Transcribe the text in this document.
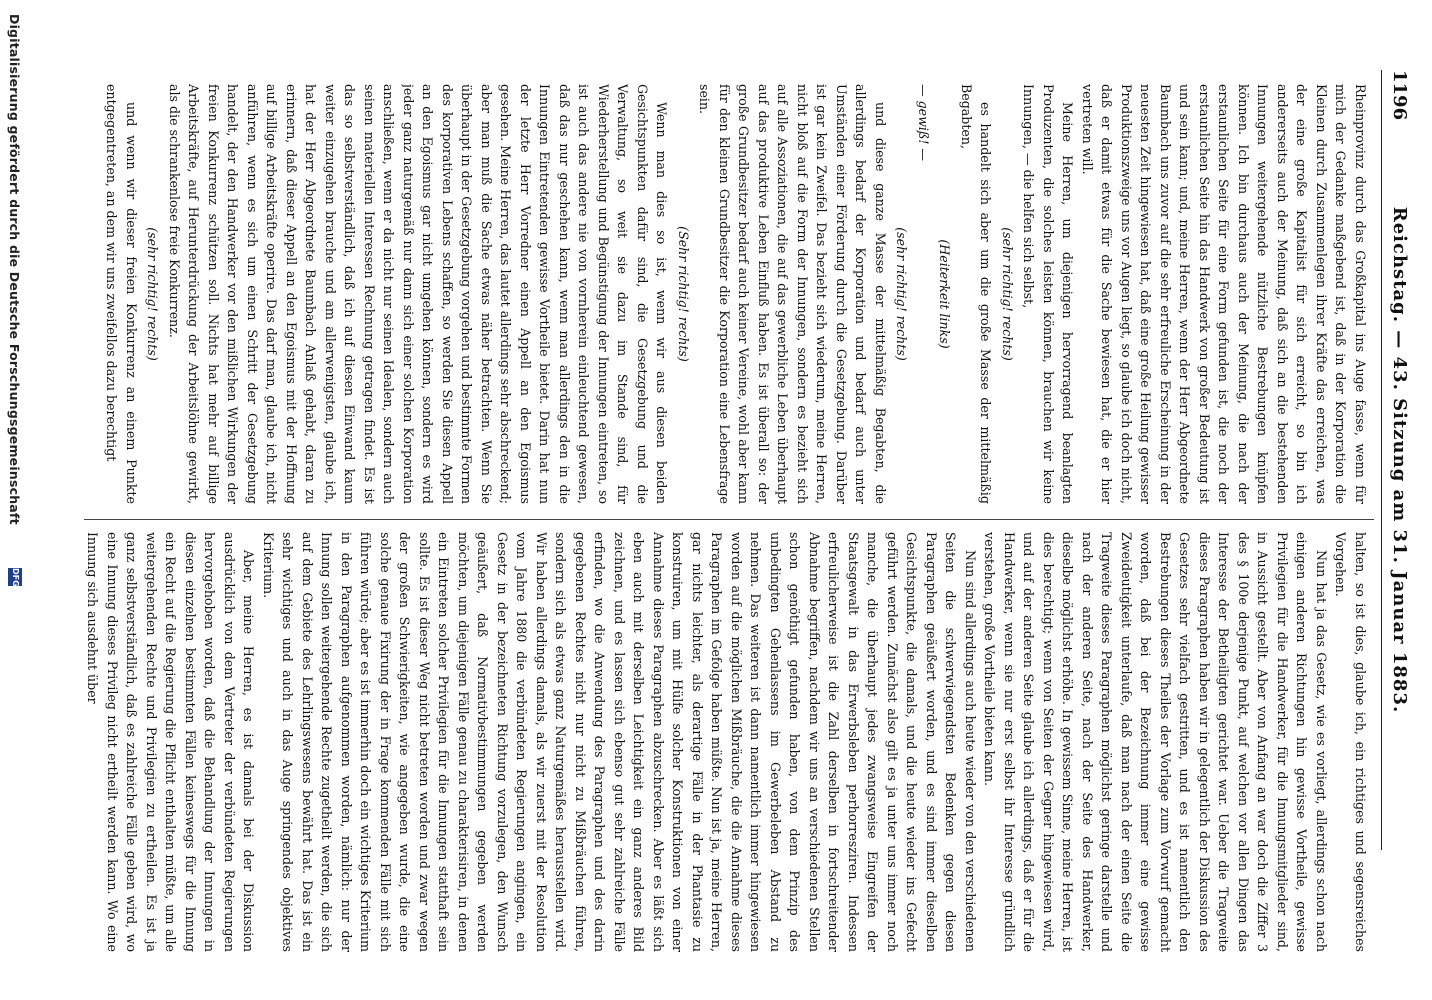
1196
Reichstag. — 43. Sitzung am 31. Januar 1883.

Rheinprovinz durch das Großkapital ins Auge fasse, wenn für mich der Gedanke maßgebend ist, daß in der Korporation die Kleinen durch Zusammenlegen ihrer Kräfte das erreichen, was der eine große Kapitalist für sich erreicht, so bin ich andererseits auch der Meinung, daß sich an die bestehenden Innungen weitergehende nützliche Bestrebungen knüpfen können. Ich bin durchaus auch der Meinung, die nach der erstaunlichen Seite für eine Form gefunden ist, die noch der erstaunlichen Seite hin das Handwerk von großer Bedeutung ist und sein kann; und, meine Herren, wenn der Herr Abgeordnete Baumbach uns zuvor auf die sehr erfreuliche Erscheinung in der neuesten Zeit hingewiesen hat, daß eine große Heilung gewisser Produktionszweige uns vor Augen liegt, so glaube ich doch nicht, daß er damit etwas für die Sache bewiesen hat, die er hier vertreten will.

Meine Herren, um diejenigen hervorragend beanlagten Produzenten, die solches leisten können, brauchen wir keine Innungen, — die helfen sich selbst,

(sehr richtig! rechts)

es handelt sich aber um die große Masse der mittelmäßig Begabten,

(Heiterkeit links)

— gewiß! —

(sehr richtig! rechts)

und diese ganze Masse der mittelmäßig Begabten, die allerdings bedarf der Korporation und bedarf auch unter Umständen einer Förderung durch die Gesetzgebung. Darüber ist gar kein Zweifel. Das bezieht sich wiederum, meine Herren, nicht bloß auf die Form der Innungen, sondern es bezieht sich auf alle Assoziationen, die auf das gewerbliche Leben überhaupt auf das produktive Leben Einfluß haben. Es ist überall so: der große Grundbesitzer bedarf auch keiner Vereine, wohl aber kann für den kleinen Grundbesitzer die Korporation eine Lebensfrage sein.

(Sehr richtig! rechts)

Wenn man dies so ist, wenn wir aus diesen beiden Gesichtspunkten dafür sind, die Gesetzgebung und die Verwaltung, so weit sie dazu im Stande sind, für Wiederherstellung und Begünstigung der Innungen eintreten, so ist auch das andere nie von vornherein einleuchtend gewesen, daß das nur geschehen kann, wenn man allerdings den in die Innungen Eintretenden gewisse Vortheile bietet. Darin hat nun der letzte Herr Vorredner einen Appell an den Egoismus gesehen. Meine Herren, das lautet allerdings sehr abschreckend; aber man muß die Sache etwas näher betrachten. Wenn Sie überhaupt in der Gesetzgebung vorgehen und bestimmte Formen des korporativen Lebens schaffen, so werden Sie diesen Appell an den Egoismus gar nicht umgehen können, sondern es wird jeder ganz naturgemäß nur dann sich einer solchen Korporation anschließen, wenn er da nicht nur seinen Idealen, sondern auch seinen materiellen Interessen Rechnung getragen findet. Es ist das so selbstverständlich, daß ich auf diesen Einwand kaum weiter einzugehen brauche und am allerwenigsten, glaube ich, hat der Herr Abgeordnete Baumbach Anlaß gehabt, daran zu erinnern, daß dieser Appell an den Egoismus mit der Hoffnung auf billige Arbeitskräfte operire. Das darf man, glaube ich, nicht anführen, wenn es sich um einen Schritt der Gesetzgebung handelt, der den Handwerker vor den mißlichen Wirkungen der freien Konkurrenz schützen soll. Nichts hat mehr auf billige Arbeitskräfte, auf Herunterdrückung der Arbeitslöhne gewirkt, als die schrankenlose freie Konkurrenz.

(sehr richtig! rechts)

und wenn wir dieser freien Konkurrenz an einem Punkte entgegentreten, an dem wir uns zweifellos dazu berechtigt

halten, so ist dies, glaube ich, ein richtiges und segensreiches Vorgehen.

Nun hat ja das Gesetz, wie es vorliegt, allerdings schon nach einigen anderen Richtungen hin gewisse Vortheile, gewisse Privilegien für die Handwerker, für die Innungsmitglieder sind, in Aussicht gestellt. Aber von Anfang an war doch die Ziffer 3 des § 100e derjenige Punkt, auf welchen vor allen Dingen das Interesse der Betheiligten gerichtet war. Ueber die Tragweite dieses Paragraphen haben wir in gelegentlich der Diskussion des Gesetzes sehr vielfach gestritten, und es ist namentlich den Bestrebungen dieses Theiles der Vorlage zum Vorwurf gemacht worden, daß bei der Bezeichnung immer eine gewisse Zweideutigkeit unterlaufe, daß man nach der einen Seite die Tragweite dieses Paragraphen möglichst geringe darstelle und nach der anderen Seite, nach der Seite des Handwerker, dieselbe möglichst erhöhe. In gewissem Sinne, meine Herren, ist dies berechtigt; wenn von Seiten der Gegner hingewiesen wird, und auf der anderen Seite glaube ich allerdings, daß er für die Handwerker, wenn sie nur erst selbst ihr Interesse gründlich verstehen, große Vortheile bieten kann.

Nun sind allerdings auch heute wieder von den verschiedenen Seiten die schwerwiegendsten Bedenken gegen diesen Paragraphen geäußert worden, und es sind immer dieselben Gesichtspunkte, die damals, und die heute wieder ins Gefecht geführt werden. Zunächst also gilt es ja unter uns immer noch manche, die überhaupt jedes zwangsweise Eingreifen der Staatsgewalt in das Erwerbsleben perhorresziren. Indessen erfreulicherweise ist die Zahl derselben in fortschreitender Abnahme begriffen, nachdem wir uns an verschiedenen Stellen schon genöthigt gefunden haben, von dem Prinzip des unbedingten Gehenlassens im Gewerbeleben Abstand zu nehmen. Das weiteren ist dann namentlich immer hingewiesen worden auf die möglichen Mißbräuche, die die Annahme dieses Paragraphen im Gefolge haben müßte. Nun ist ja, meine Herren, gar nichts leichter, als derartige Fälle in der Phantasie zu konstruiren, um mit Hülfe solcher Konstruktionen von einer Annahme dieses Paragraphen abzuschrecken. Aber es läßt sich eben auch mit derselben Leichtigkeit ein ganz anderes Bild zeichnen, und es lassen sich ebenso gut sehr zahlreiche Fälle erfinden, wo die Anwendung des Paragraphen und des darin gegebenen Rechtes nicht nur nicht zu Mißbräuchen führen, sondern sich als etwas ganz Naturgemäßes herausstellen wird. Wir haben allerdings damals, als wir zuerst mit der Resolution vom Jahre 1880 die verbündeten Regierungen angingen, ein Gesetz in der bezeichneten Richtung vorzulegen, den Wunsch geäußert, daß Normativbestimmungen gegeben werden möchten, um diejenigen Fälle genau zu charakterisiren, in denen ein Eintreten solcher Privilegien für die Innungen statthaft sein sollte. Es ist dieser Weg nicht betreten worden und zwar wegen der großen Schwierigkeiten, wie angegeben wurde, die eine solche genaue Fixirung der in Frage kommenden Fälle mit sich führen würde; aber es ist immerhin doch ein wichtiges Kriterium in den Paragraphen aufgenommen worden, nämlich: nur der Innung sollen weitergehende Rechte zugetheilt werden, die sich auf dem Gebiete des Lehrlingswesens bewährt hat. Das ist ein sehr wichtiges und auch in das Auge springendes objektives Kriterium.

Aber, meine Herren, es ist damals bei der Diskussion ausdrücklich von dem Vertreter der verbündeten Regierungen hervorgehoben worden, daß die Behandlung der Innungen in diesen einzelnen bestimmten Fällen keineswegs für die Innung ein Recht auf die Regierung die Pflicht enthalten müßte, um alle weitergehenden Rechte und Privilegien zu ertheilen. Es ist ja ganz selbstverständlich, daß es zahlreiche Fälle geben wird, wo eine Innung dieses Privileg nicht ertheilt werden kann. Wo eine Innung sich ausdehnt über

Digitalisierung gefördert durch die Deutsche Forschungsgemeinschaft
DFG
